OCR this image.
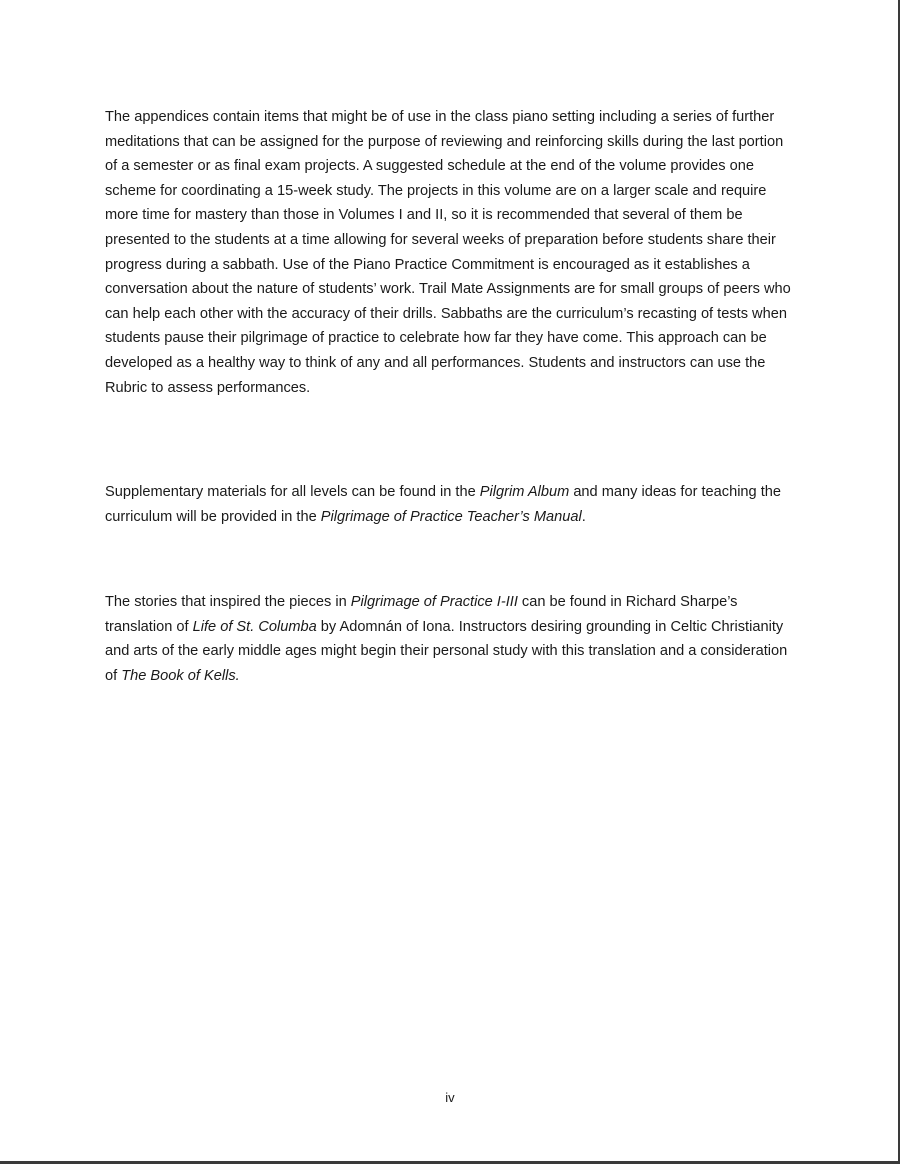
The appendices contain items that might be of use in the class piano setting including a series of further meditations that can be assigned for the purpose of reviewing and reinforcing skills during the last portion of a semester or as final exam projects. A suggested schedule at the end of the volume provides one scheme for coordinating a 15-week study. The projects in this volume are on a larger scale and require more time for mastery than those in Volumes I and II, so it is recommended that several of them be presented to the students at a time allowing for several weeks of preparation before students share their progress during a sabbath. Use of the Piano Practice Commitment is encouraged as it establishes a conversation about the nature of students’ work. Trail Mate Assignments are for small groups of peers who can help each other with the accuracy of their drills. Sabbaths are the curriculum’s recasting of tests when students pause their pilgrimage of practice to celebrate how far they have come. This approach can be developed as a healthy way to think of any and all performances. Students and instructors can use the Rubric to assess performances.

Supplementary materials for all levels can be found in the Pilgrim Album and many ideas for teaching the curriculum will be provided in the Pilgrimage of Practice Teacher’s Manual.

The stories that inspired the pieces in Pilgrimage of Practice I-III can be found in Richard Sharpe’s translation of Life of St. Columba by Adomnán of Iona. Instructors desiring grounding in Celtic Christianity and arts of the early middle ages might begin their personal study with this translation and a consideration of The Book of Kells.

iv
